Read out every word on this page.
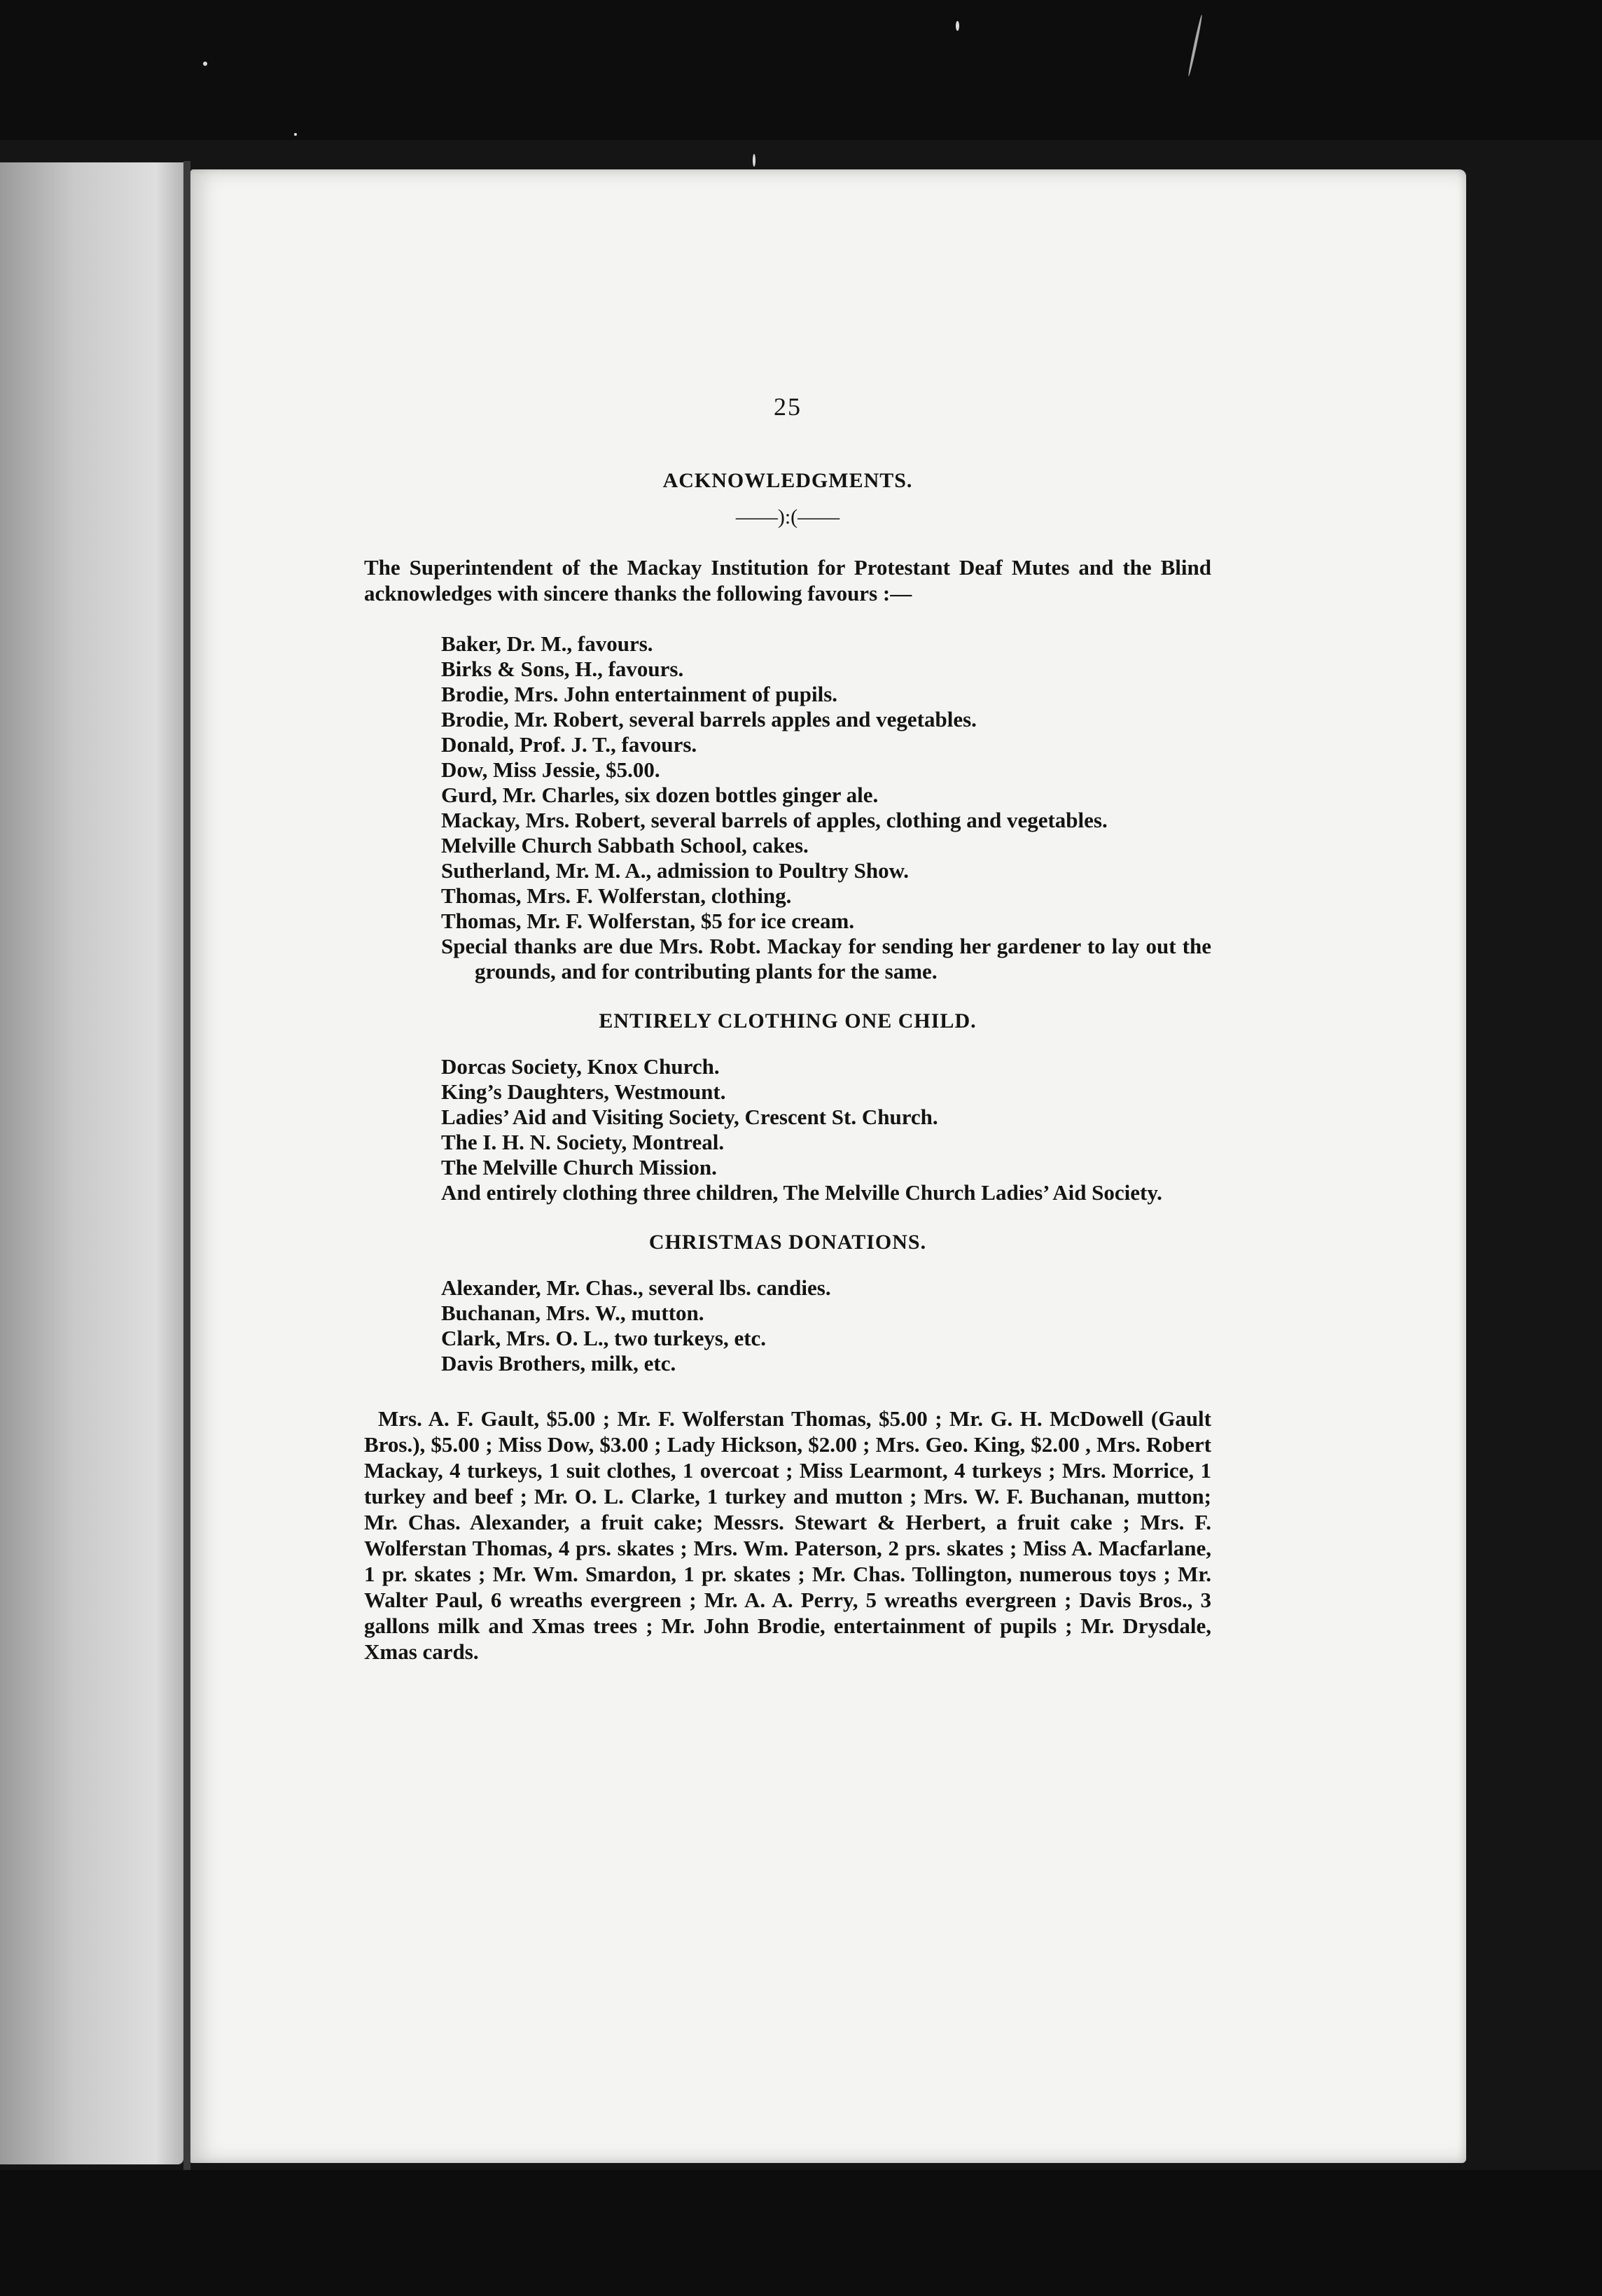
25
ACKNOWLEDGMENTS.
——):(——

The Superintendent of the Mackay Institution for Protestant Deaf Mutes and the Blind acknowledges with sincere thanks the following favours :—

Baker, Dr. M., favours.
Birks & Sons, H., favours.
Brodie, Mrs. John entertainment of pupils.
Brodie, Mr. Robert, several barrels apples and vegetables.
Donald, Prof. J. T., favours.
Dow, Miss Jessie, $5.00.
Gurd, Mr. Charles, six dozen bottles ginger ale.
Mackay, Mrs. Robert, several barrels of apples, clothing and vegetables.
Melville Church Sabbath School, cakes.
Sutherland, Mr. M. A., admission to Poultry Show.
Thomas, Mrs. F. Wolferstan, clothing.
Thomas, Mr. F. Wolferstan, $5 for ice cream.
Special thanks are due Mrs. Robt. Mackay for sending her gardener to lay out the grounds, and for contributing plants for the same.
ENTIRELY CLOTHING ONE CHILD.
Dorcas Society, Knox Church.
King’s Daughters, Westmount.
Ladies’ Aid and Visiting Society, Crescent St. Church.
The I. H. N. Society, Montreal.
The Melville Church Mission.
And entirely clothing three children, The Melville Church Ladies’ Aid Society.
CHRISTMAS DONATIONS.
Alexander, Mr. Chas., several lbs. candies.
Buchanan, Mrs. W., mutton.
Clark, Mrs. O. L., two turkeys, etc.
Davis Brothers, milk, etc.

Mrs. A. F. Gault, $5.00 ; Mr. F. Wolferstan Thomas, $5.00 ; Mr. G. H. McDowell (Gault Bros.), $5.00 ; Miss Dow, $3.00 ; Lady Hickson, $2.00 ; Mrs. Geo. King, $2.00 , Mrs. Robert Mackay, 4 turkeys, 1 suit clothes, 1 overcoat ; Miss Learmont, 4 turkeys ; Mrs. Morrice, 1 turkey and beef ; Mr. O. L. Clarke, 1 turkey and mutton ; Mrs. W. F. Buchanan, mutton; Mr. Chas. Alexander, a fruit cake; Messrs. Stewart & Herbert, a fruit cake ; Mrs. F. Wolferstan Thomas, 4 prs. skates ; Mrs. Wm. Paterson, 2 prs. skates ; Miss A. Macfarlane, 1 pr. skates ; Mr. Wm. Smardon, 1 pr. skates ; Mr. Chas. Tollington, numerous toys ; Mr. Walter Paul, 6 wreaths evergreen ; Mr. A. A. Perry, 5 wreaths evergreen ; Davis Bros., 3 gallons milk and Xmas trees ; Mr. John Brodie, entertainment of pupils ; Mr. Drysdale, Xmas cards.
